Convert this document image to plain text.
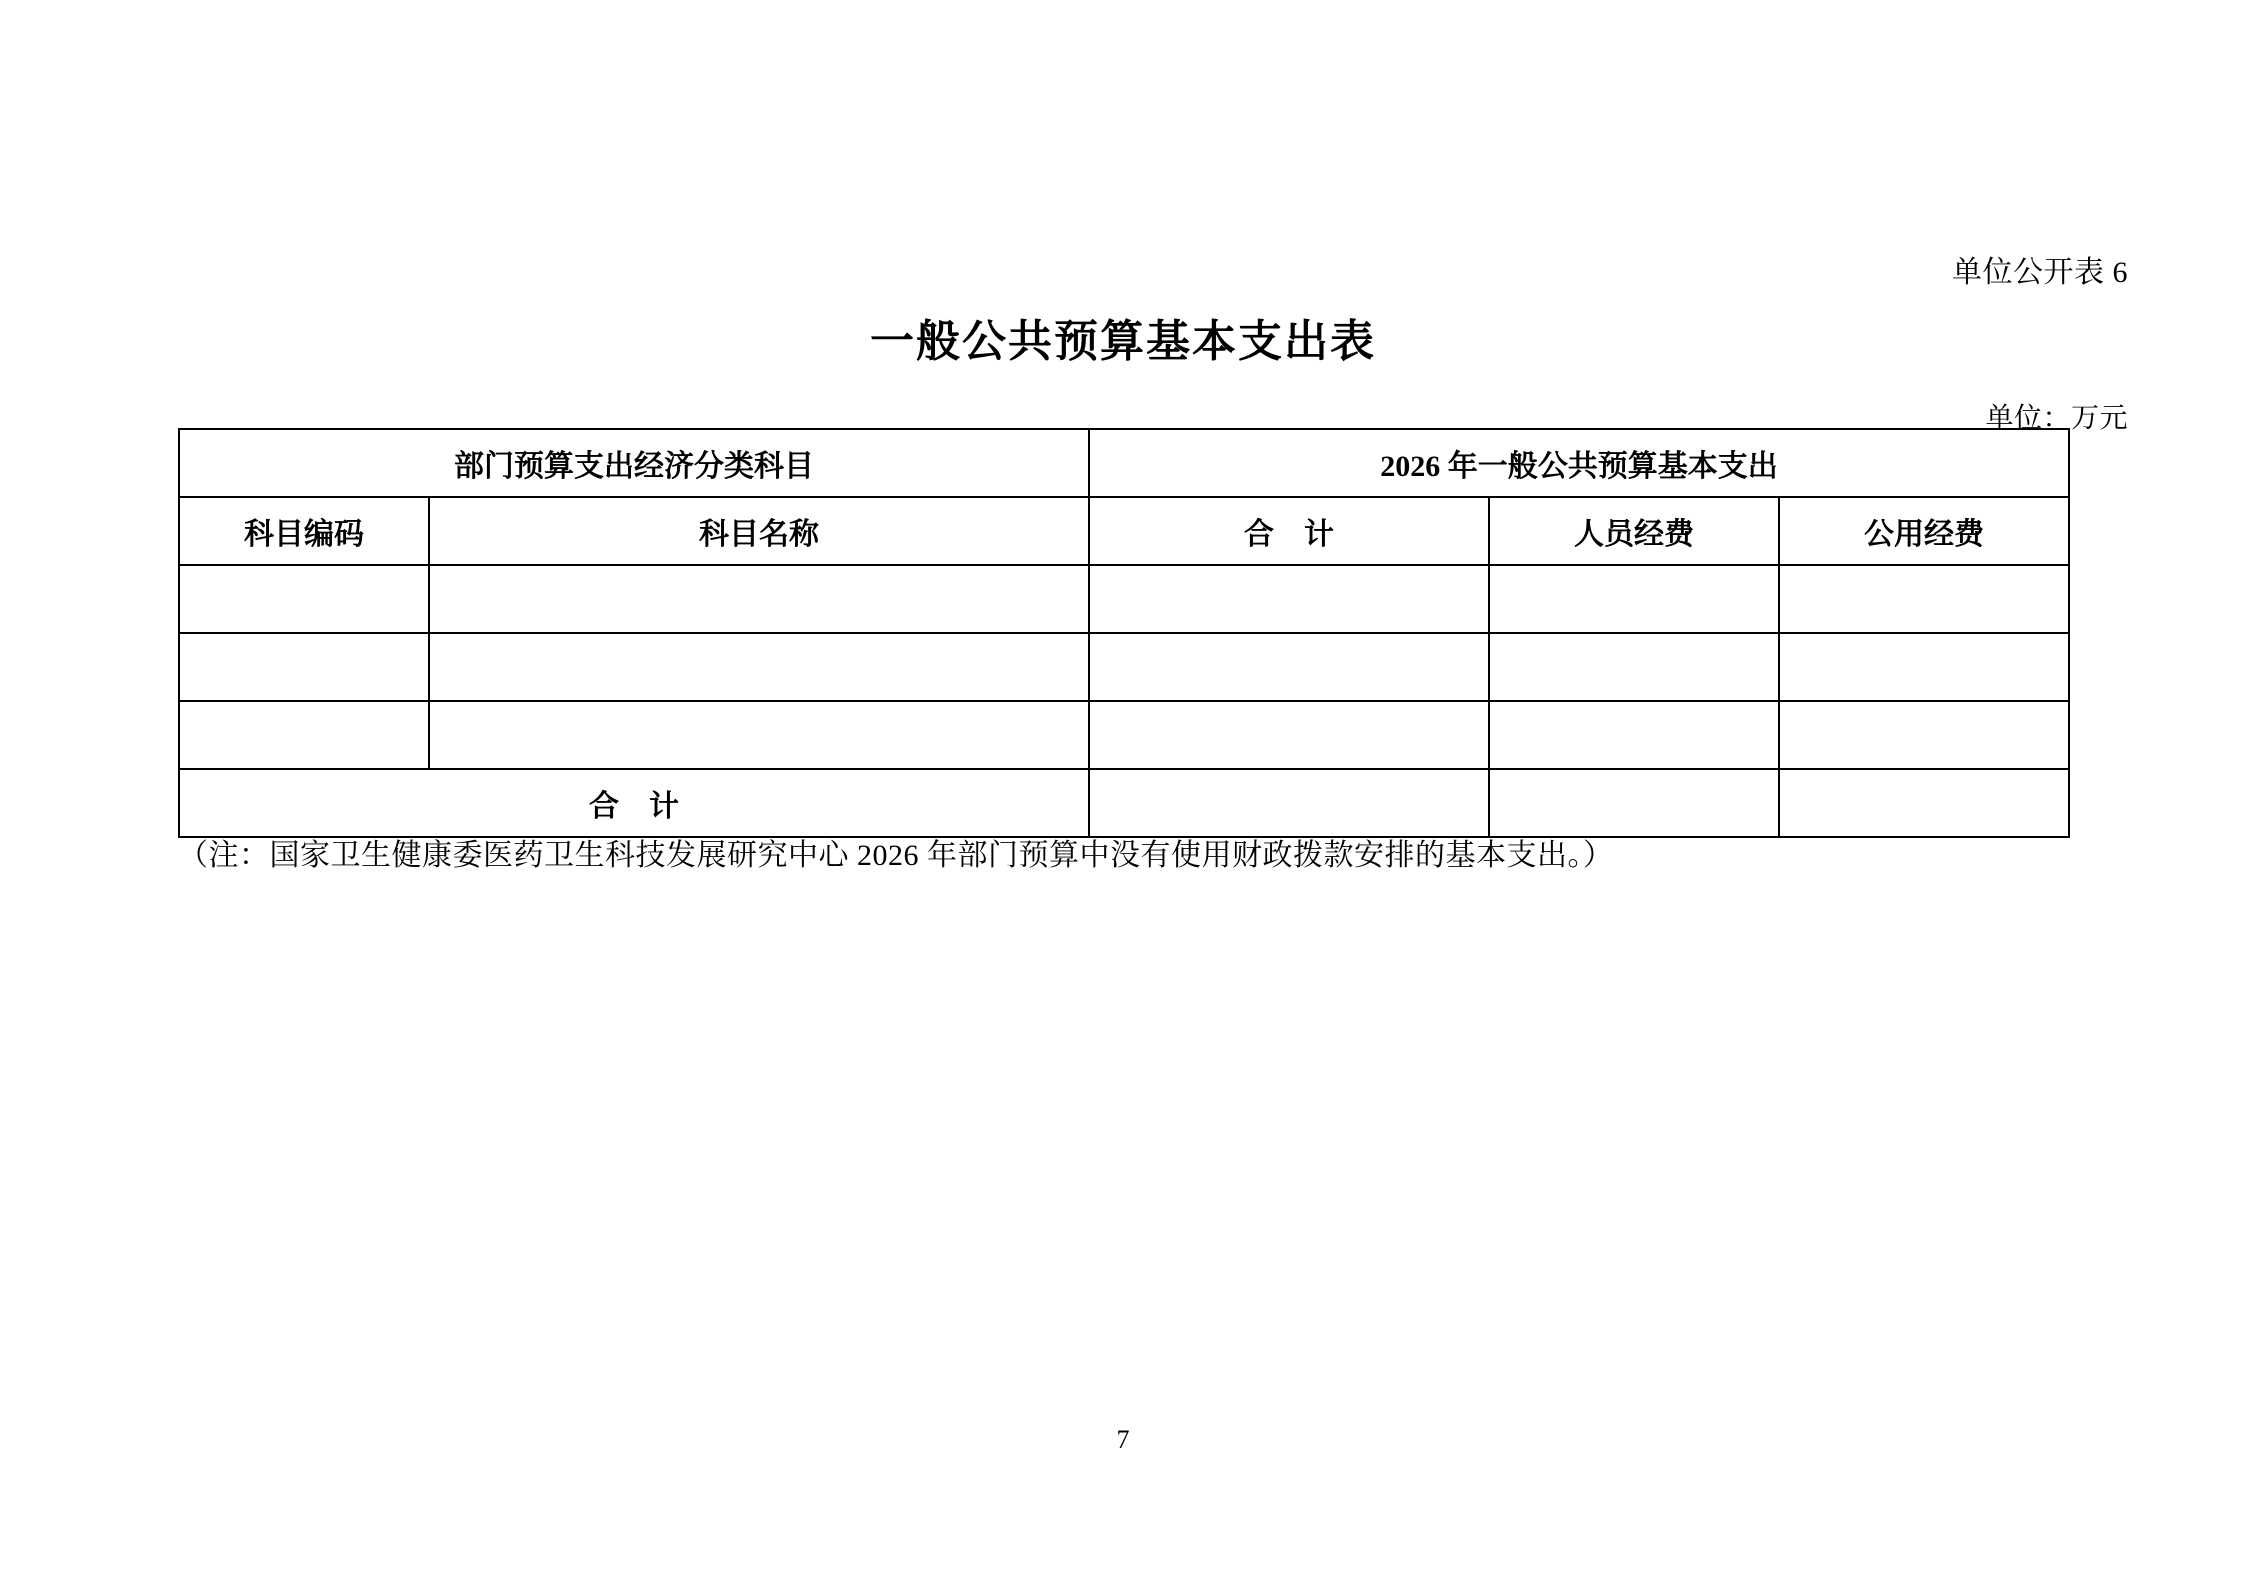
单位公开表 6
一般公共预算基本支出表
单位：万元
部门预算支出经济分类科目		2026 年一般公共预算基本支出		
科目编码	科目名称	合　计	人员经费	公用经费

合　计				
（注：国家卫生健康委医药卫生科技发展研究中心 2026 年部门预算中没有使用财政拨款安排的基本支出。）
7
